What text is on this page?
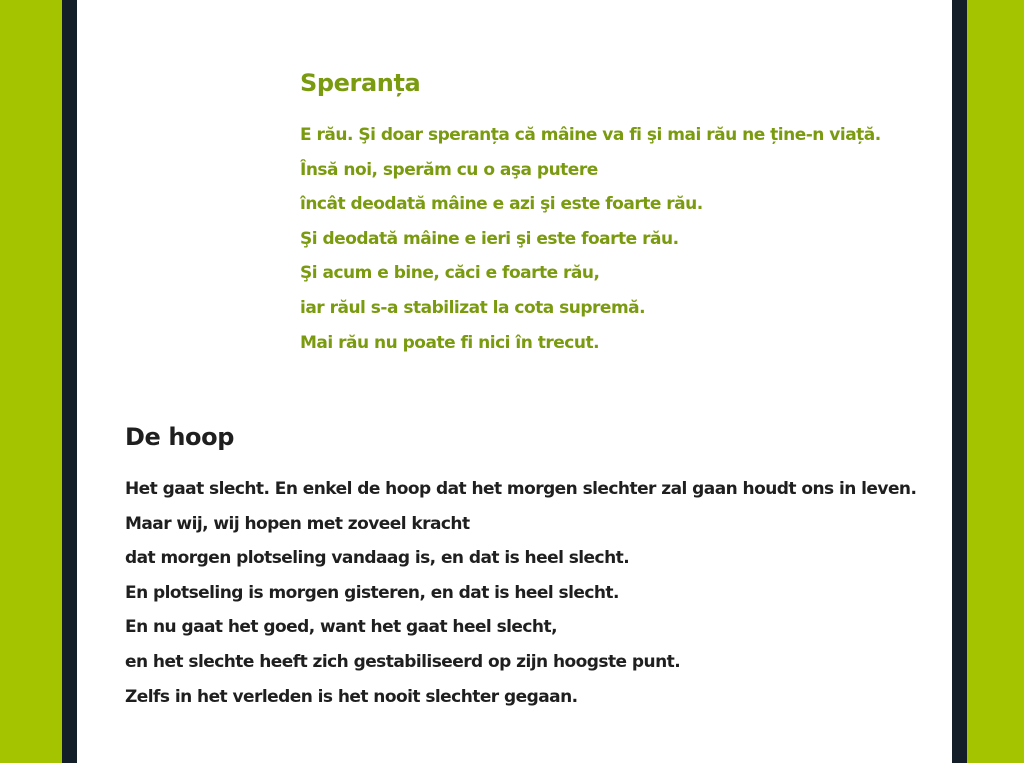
Speranța
E rău. Şi doar speranța că mâine va fi şi mai rău ne ține-n viață.
Însă noi, sperăm cu o aşa putere
încât deodată mâine e azi şi este foarte rău.
Şi deodată mâine e ieri şi este foarte rău.
Şi acum e bine, căci e foarte rău,
iar răul s-a stabilizat la cota supremă.
Mai rău nu poate fi nici în trecut.
De hoop
Het gaat slecht. En enkel de hoop dat het morgen slechter zal gaan houdt ons in leven.
Maar wij, wij hopen met zoveel kracht
dat morgen plotseling vandaag is, en dat is heel slecht.
En plotseling is morgen gisteren, en dat is heel slecht.
En nu gaat het goed, want het gaat heel slecht,
en het slechte heeft zich gestabiliseerd op zijn hoogste punt.
Zelfs in het verleden is het nooit slechter gegaan.
